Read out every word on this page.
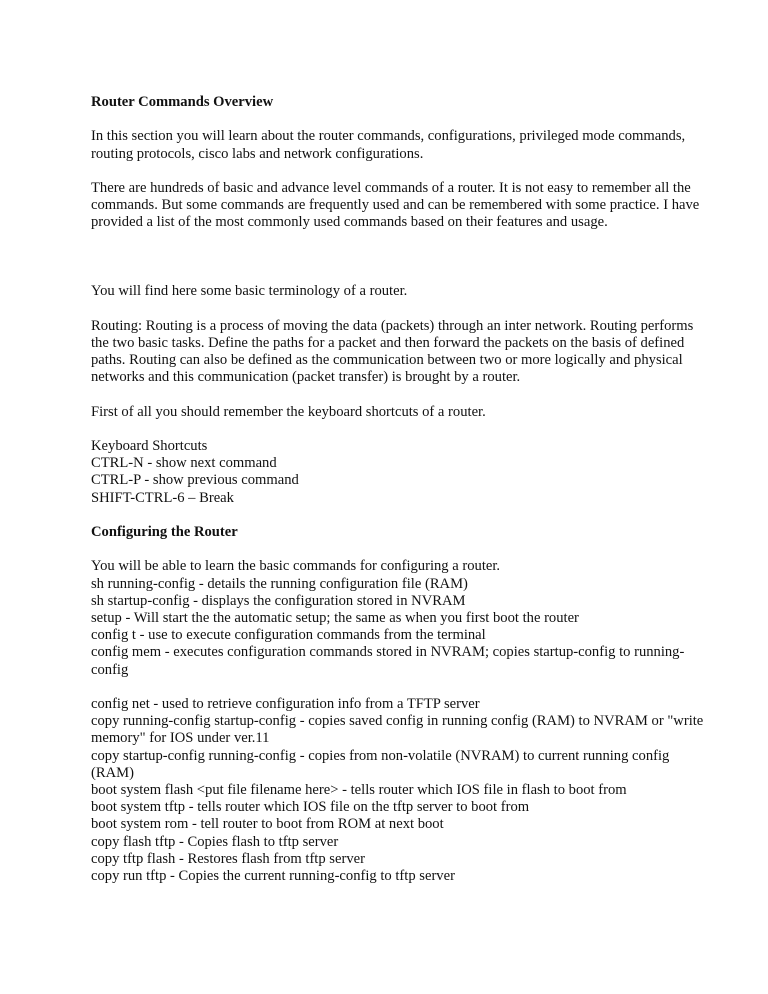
Router Commands Overview
In this section you will learn about the router commands, configurations, privileged mode commands,
routing protocols, cisco labs and network configurations.
There are hundreds of basic and advance level commands of a router. It is not easy to remember all the
commands. But some commands are frequently used and can be remembered with some practice. I have
provided a list of the most commonly used commands based on their features and usage.
You will find here some basic terminology of a router.
Routing: Routing is a process of moving the data (packets) through an inter network. Routing performs
the two basic tasks. Define the paths for a packet and then forward the packets on the basis of defined
paths. Routing can also be defined as the communication between two or more logically and physical
networks and this communication (packet transfer) is brought by a router.
First of all you should remember the keyboard shortcuts of a router.
Keyboard Shortcuts
CTRL-N - show next command
CTRL-P - show previous command
SHIFT-CTRL-6 – Break
Configuring the Router
You will be able to learn the basic commands for configuring a router.
sh running-config - details the running configuration file (RAM)
sh startup-config - displays the configuration stored in NVRAM
setup - Will start the the automatic setup; the same as when you first boot the router
config t - use to execute configuration commands from the terminal
config mem - executes configuration commands stored in NVRAM; copies startup-config to running-
config
config net - used to retrieve configuration info from a TFTP server
copy running-config startup-config - copies saved config in running config (RAM) to NVRAM or "write
memory" for IOS under ver.11
copy startup-config running-config - copies from non-volatile (NVRAM) to current running config
(RAM)
boot system flash <put file filename here> - tells router which IOS file in flash to boot from
boot system tftp - tells router which IOS file on the tftp server to boot from
boot system rom - tell router to boot from ROM at next boot
copy flash tftp - Copies flash to tftp server
copy tftp flash - Restores flash from tftp server
copy run tftp - Copies the current running-config to tftp server
